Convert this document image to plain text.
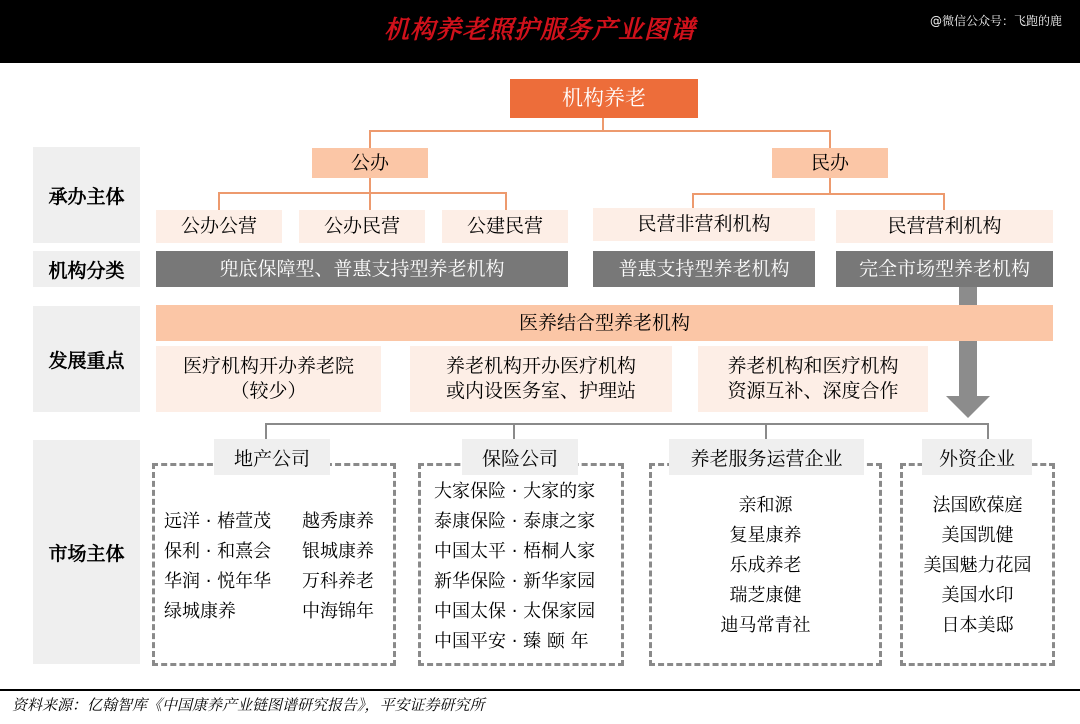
机构养老照护服务产业图谱	@微信公众号：飞跑的鹿
机构养老
公办	民办
承办主体
机构分类
发展重点
市场主体
公办公营	公办民营	公建民营	民营非营利机构	民营营利机构
兜底保障型、普惠支持型养老机构	普惠支持型养老机构	完全市场型养老机构
医养结合型养老机构
医疗机构开办养老院
（较少）
养老机构开办医疗机构
或内设医务室、护理站
养老机构和医疗机构
资源互补、深度合作
地产公司	保险公司	养老服务运营企业	外资企业
远洋 · 椿萱茂
保利 · 和熹会
华润 · 悦年华
绿城康养
越秀康养
银城康养
万科养老
中海锦年
大家保险 · 大家的家
泰康保险 · 泰康之家
中国太平 · 梧桐人家
新华保险 · 新华家园
中国太保 · 太保家园
中国平安 · 臻 颐 年
亲和源
复星康养
乐成养老
瑞芝康健
迪马常青社
法国欧葆庭
美国凯健
美国魅力花园
美国水印
日本美邸
资料来源：亿翰智库《中国康养产业链图谱研究报告》，平安证券研究所
